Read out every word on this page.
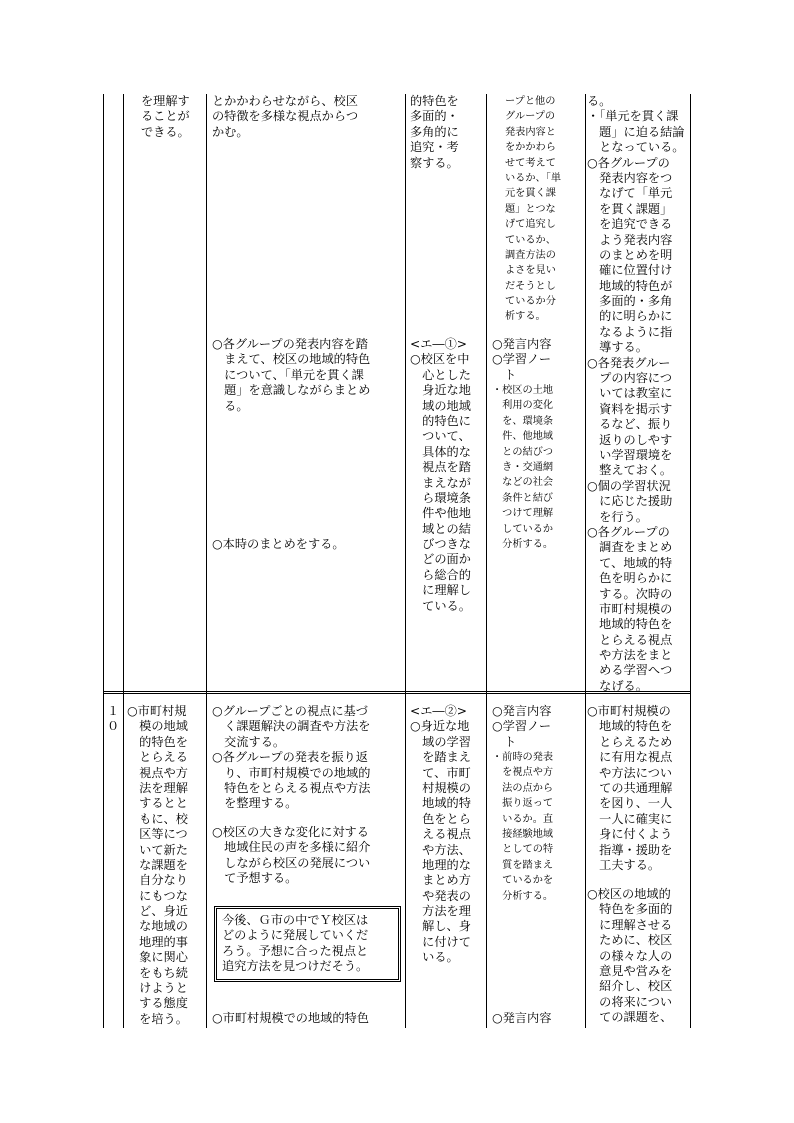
を理解す
ることが
できる。
とかかわらせながら、校区
の特徴を多様な視点からつ
かむ。
○各グループの発表内容を踏
　まえて、校区の地域的特色
　について、「単元を貫く課
　題」を意識しながらまとめ
　る。
○本時のまとめをする。
的特色を
多面的・
多角的に
追究・考
察する。
<エ―①>
○校区を中
　心とした
　身近な地
　域の地域
　的特色に
　ついて、
　具体的な
　視点を踏
　まえなが
　ら環境条
　件や他地
　域との結
　びつきな
　どの面か
　ら総合的
　に理解し
　ている。
ープと他の
グループの
発表内容と
をかかわら
せて考えて
いるか、「単
元を貫く課
題」とつな
げて追究し
ているか、
調査方法の
よさを見い
だそうとし
ているか分
析する。
○発言内容
○学習ノー
　ト
・校区の土地
　利用の変化
　を、環境条
　件、他地域
　との結びつ
　き・交通網
　などの社会
　条件と結び
　つけて理解
　しているか
　分析する。
る。
・「単元を貫く課
　題」に迫る結論
　となっている。
○各グループの
　発表内容をつ
　なげて「単元
　を貫く課題」
　を追究できる
　よう発表内容
　のまとめを明
　確に位置付け
　地域的特色が
　多面的・多角
　的に明らかに
　なるように指
　導する。
○各発表グルー
　プの内容につ
　いては教室に
　資料を掲示す
　るなど、振り
　返りのしやす
　い学習環境を
　整えておく。
○個の学習状況
　に応じた援助
　を行う。
○各グループの
　調査をまとめ
　て、地域的特
　色を明らかに
　する。次時の
　市町村規模の
　地域的特色を
　とらえる視点
　や方法をまと
　める学習へつ
　なげる。
１
０
○市町村規
　模の地域
　的特色を
　とらえる
　視点や方
　法を理解
　するとと
　もに、校
　区等につ
　いて新た
　な課題を
　自分なり
　にもつな
　ど、身近
　な地域の
　地理的事
　象に関心
　をもち続
　けようと
　する態度
　を培う。
○グループごとの視点に基づ
　く課題解決の調査や方法を
　交流する。
○各グループの発表を振り返
　り、市町村規模での地域的
　特色をとらえる視点や方法
　を整理する。
○校区の大きな変化に対する
　地域住民の声を多様に紹介
　しながら校区の発展につい
　て予想する。
今後、Ｇ市の中でＹ校区は
どのように発展していくだ
ろう。予想に合った視点と
追究方法を見つけだそう。
○市町村規模での地域的特色
<エ―②>
○身近な地
　域の学習
　を踏まえ
　て、市町
　村規模の
　地域的特
　色をとら
　える視点
　や方法、
　地理的な
　まとめ方
　や発表の
　方法を理
　解し、身
　に付けて
　いる。
○発言内容
○学習ノー
　ト
・前時の発表
　を視点や方
　法の点から
　振り返って
　いるか。直
　接経験地域
　としての特
　質を踏まえ
　ているかを
　分析する。
○発言内容
○市町村規模の
　地域的特色を
　とらえるため
　に有用な視点
　や方法につい
　ての共通理解
　を図り、一人
　一人に確実に
　身に付くよう
　指導・援助を
　工夫する。
○校区の地域的
　特色を多面的
　に理解させる
　ために、校区
　の様々な人の
　意見や営みを
　紹介し、校区
　の将来につい
　ての課題を、
